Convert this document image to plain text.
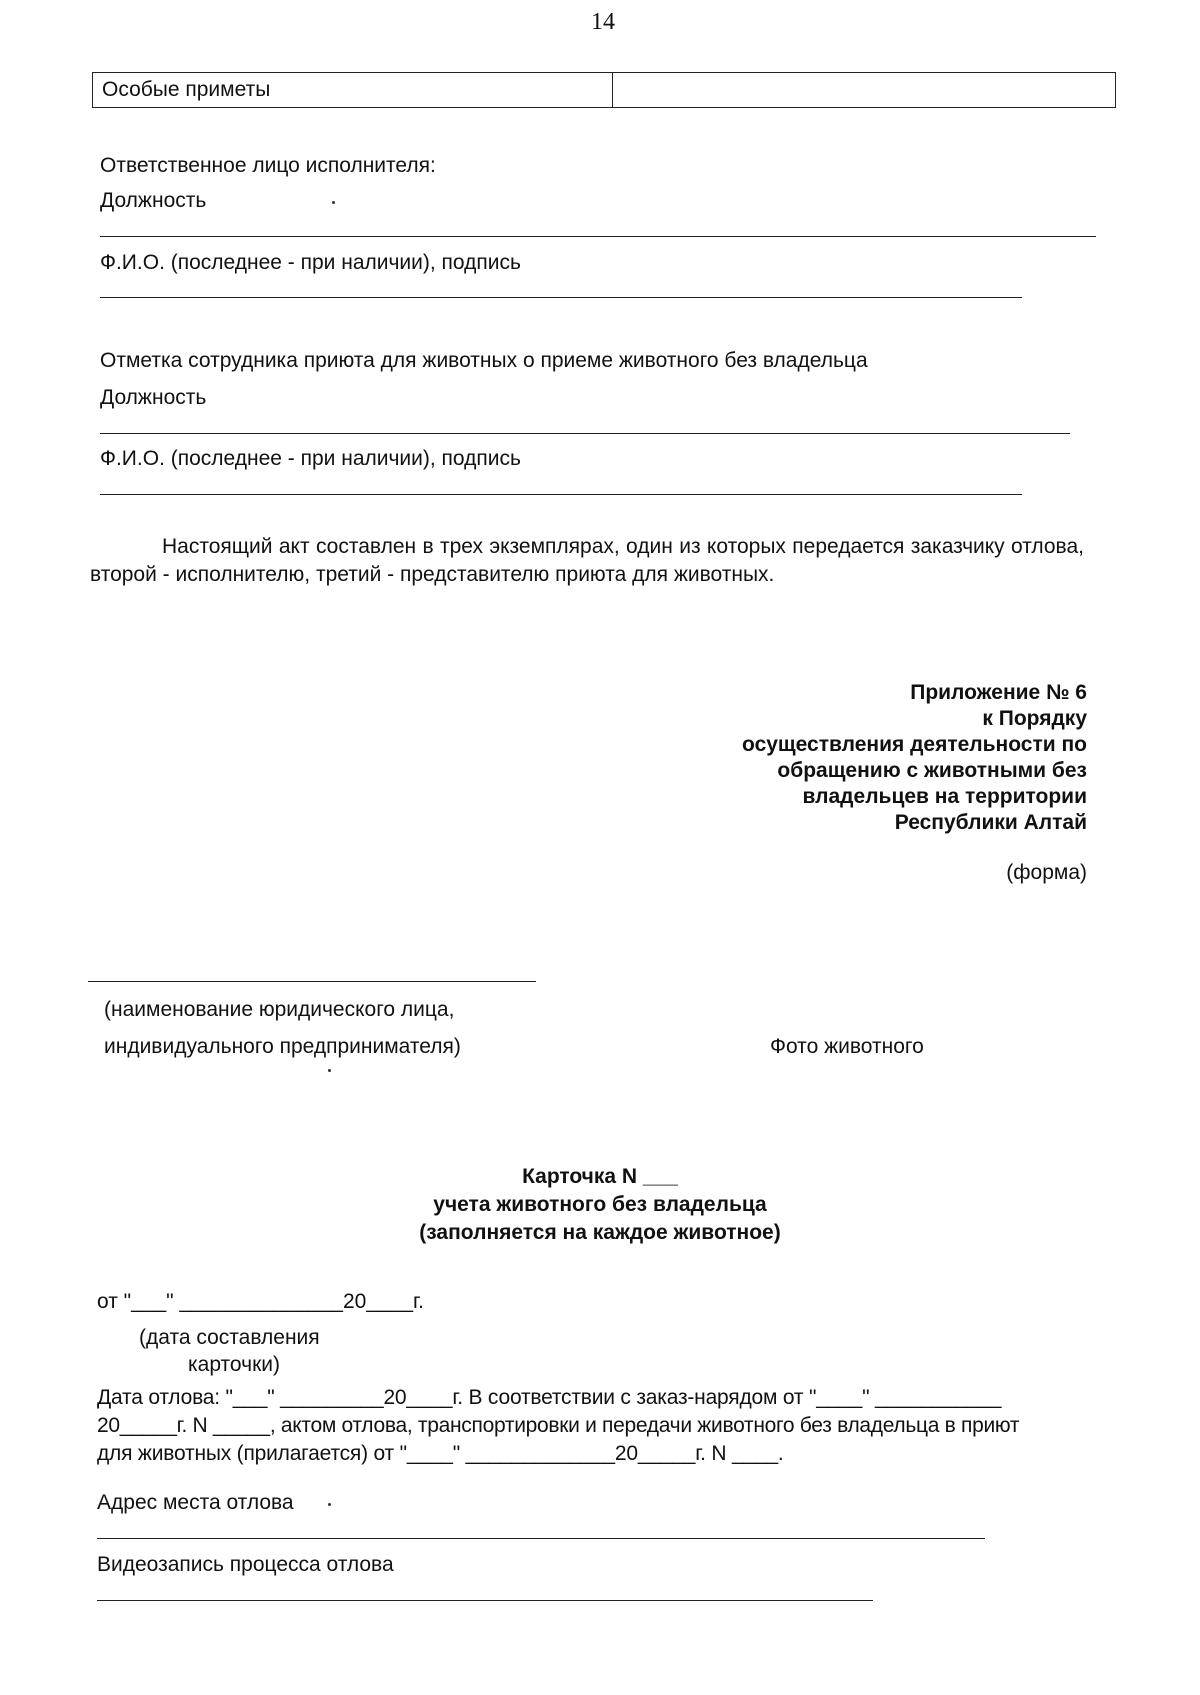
14
Особые приметы
Ответственное лицо исполнителя:
Должность
Ф.И.О. (последнее - при наличии), подпись
Отметка сотрудника приюта для животных о приеме животного без владельца
Должность
Ф.И.О. (последнее - при наличии), подпись
Настоящий акт составлен в трех экземплярах, один из которых передается заказчику отлова, второй - исполнителю, третий - представителю приюта для животных.
Приложение № 6
к Порядку
осуществления деятельности по
обращению с животными без
владельцев на территории
Республики Алтай
(форма)
(наименование юридического лица,
индивидуального предпринимателя)	Фото животного
Карточка N ___
учета животного без владельца
(заполняется на каждое животное)
от "___" ______________20____г.
(дата составления
карточки)
Дата отлова: "___" _________20____г. В соответствии с заказ-нарядом от "____" ___________
20_____г. N _____, актом отлова, транспортировки и передачи животного без владельца в приют
для животных (прилагается) от "____" _____________20_____г. N ____.
Адрес места отлова
Видеозапись процесса отлова
